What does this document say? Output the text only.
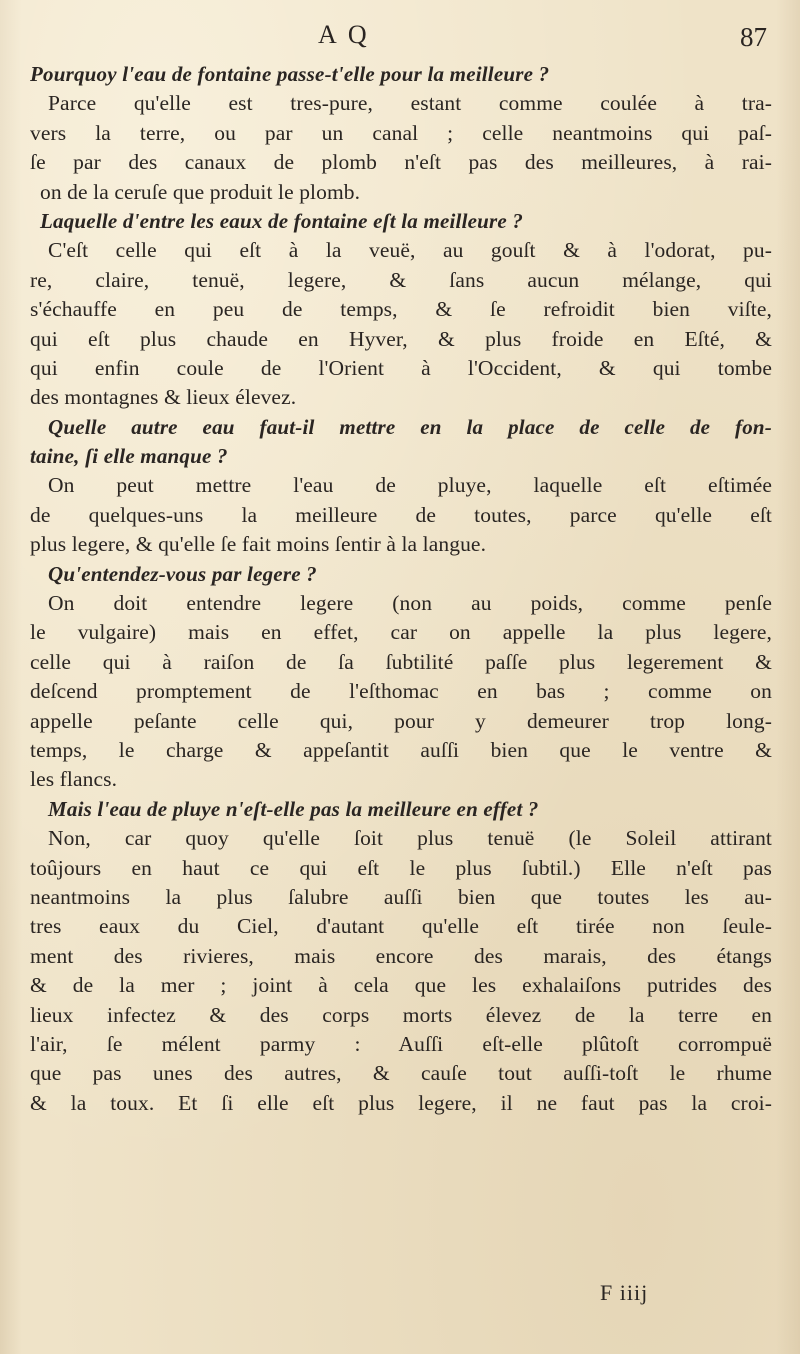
A Q	87
Pourquoy l'eau de fontaine passe-t'elle pour la meilleure ?
Parce qu'elle est tres-pure, estant comme coulée à tra-
vers la terre, ou par un canal ; celle neantmoins qui paſ-
ſe par des canaux de plomb n'eſt pas des meilleures, à rai-
on de la ceruſe que produit le plomb.
Laquelle d'entre les eaux de fontaine eſt la meilleure ?
C'eſt celle qui eſt à la veuë, au gouſt & à l'odorat, pu-
re, claire, tenuë, legere, & ſans aucun mélange, qui
s'échauffe en peu de temps, & ſe refroidit bien viſte,
qui eſt plus chaude en Hyver, & plus froide en Eſté, &
qui enfin coule de l'Orient à l'Occident, & qui tombe
des montagnes & lieux élevez.
Quelle autre eau faut-il mettre en la place de celle de fon-
taine, ſi elle manque ?
On peut mettre l'eau de pluye, laquelle eſt eſtimée
de quelques-uns la meilleure de toutes, parce qu'elle eſt
plus legere, & qu'elle ſe fait moins ſentir à la langue.
Qu'entendez-vous par legere ?
On doit entendre legere (non au poids, comme penſe
le vulgaire) mais en effet, car on appelle la plus legere,
celle qui à raiſon de ſa ſubtilité paſſe plus legerement &
deſcend promptement de l'eſthomac en bas ; comme on
appelle peſante celle qui, pour y demeurer trop long-
temps, le charge & appeſantit auſſi bien que le ventre &
les flancs.
Mais l'eau de pluye n'eſt-elle pas la meilleure en effet ?
Non, car quoy qu'elle ſoit plus tenuë (le Soleil attirant
toûjours en haut ce qui eſt le plus ſubtil.) Elle n'eſt pas
neantmoins la plus ſalubre auſſi bien que toutes les au-
tres eaux du Ciel, d'autant qu'elle eſt tirée non ſeule-
ment des rivieres, mais encore des marais, des étangs
& de la mer ; joint à cela que les exhalaiſons putrides des
lieux infectez & des corps morts élevez de la terre en
l'air, ſe mélent parmy : Auſſi eſt-elle plûtoſt corrompuë
que pas unes des autres, & cauſe tout auſſi-toſt le rhume
& la toux. Et ſi elle eſt plus legere, il ne faut pas la croi-
F iiij
